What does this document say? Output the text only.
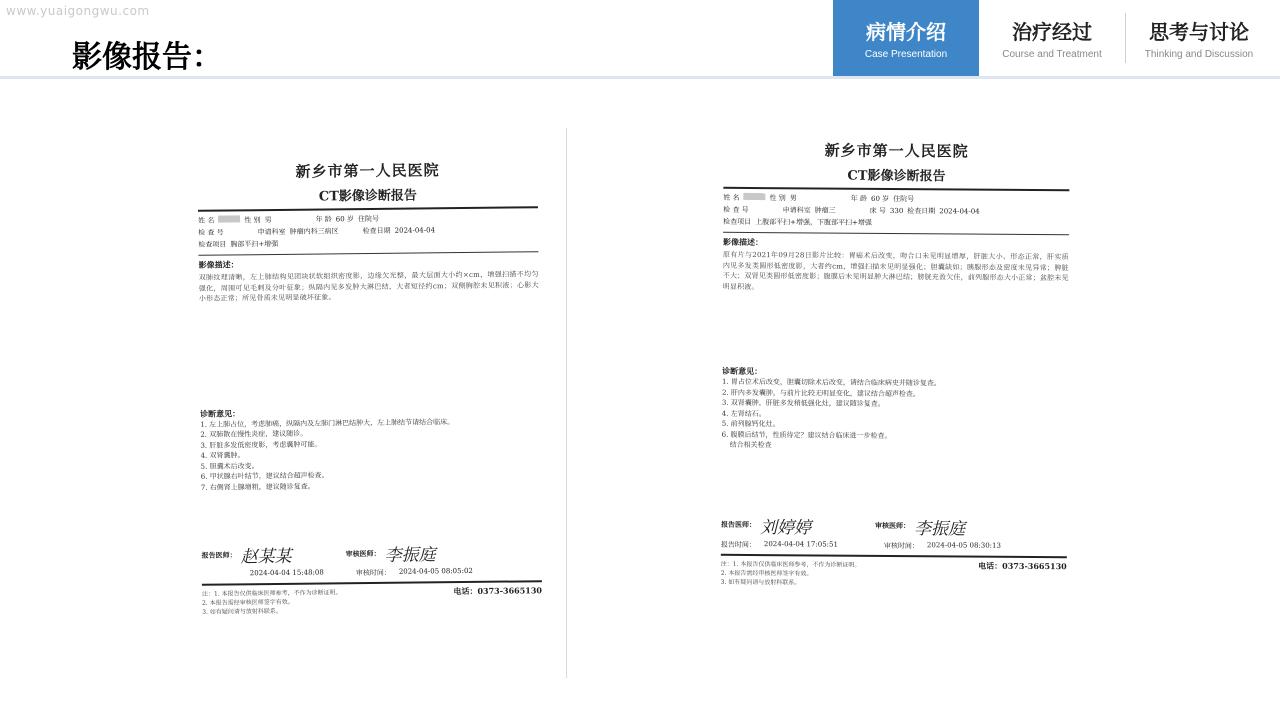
www.yuaigongwu.com
影像报告：
病情介绍
Case Presentation
治疗经过
Course and Treatment
思考与讨论
Thinking and Discussion
新乡市第一人民医院
CT影像诊断报告
姓 名	性 别 男	年 龄 60 岁 住院号
检 查 号	申请科室 肿瘤内科三病区	检查日期 2024-04-04
检查项目 胸部平扫+增强
影像描述：
双肺纹理清晰，左上肺结构见团块状软组织密度影，边缘欠光整，最大层面大小约×cm，增强扫描不均匀强化，周围可见毛刺及分叶征象；纵隔内见多发肿大淋巴结，大者短径约cm；双侧胸腔未见积液；心影大小形态正常；所见骨质未见明显破坏征象。
诊断意见：
1. 左上肺占位，考虑肺癌，纵隔内及左肺门淋巴结肿大，左上肺结节请结合临床。
2. 双肺散在慢性炎症，建议随诊。
3. 肝脏多发低密度影，考虑囊肿可能。
4. 双肾囊肿。
5. 胆囊术后改变。
6. 甲状腺右叶结节，建议结合超声检查。
7. 右侧肾上腺增粗，建议随诊复查。
报告医师： 赵某某	审核医师： 李振庭
2024-04-04 15:48:08	审核时间： 2024-04-05 08:05:02
注：1. 本报告仅供临床医师参考，不作为诊断证明。
2. 本报告需经审核医师签字有效。
3. 如有疑问请与放射科联系。
电话：0373-3665130
新乡市第一人民医院
CT影像诊断报告
姓 名	性 别 男	年 龄 60 岁 住院号
检 查 号	申请科室 肿瘤三	床 号 330 检查日期 2024-04-04
检查项目 上腹部平扫+增强，下腹部平扫+增强
影像描述：
原有片与2021年09月28日影片比较：胃癌术后改变，吻合口未见明显增厚，肝脏大小、形态正常，肝实质内见多发类圆形低密度影，大者约cm，增强扫描未见明显强化；胆囊缺如；胰腺形态及密度未见异常；脾脏不大；双肾见类圆形低密度影；腹膜后未见明显肿大淋巴结；膀胱充盈欠佳，前列腺形态大小正常；盆腔未见明显积液。
诊断意见：
1. 胃占位术后改变，胆囊切除术后改变，请结合临床病史并随诊复查。
2. 肝内多发囊肿，与前片比较无明显变化，建议结合超声检查。
3. 双肾囊肿，肝脏多发稍低强化灶，建议随诊复查。
4. 左肾结石。
5. 前列腺钙化灶。
6. 腹膜后结节，性质待定？建议结合临床进一步检查。
结合相关检查
报告医师： 刘婷婷	审核医师： 李振庭
报告时间： 2024-04-04 17:05:51	审核时间： 2024-04-05 08:30:13
注：1. 本报告仅供临床医师参考，不作为诊断证明。
2. 本报告需经审核医师签字有效。
3. 如有疑问请与放射科联系。
电话：0373-3665130
